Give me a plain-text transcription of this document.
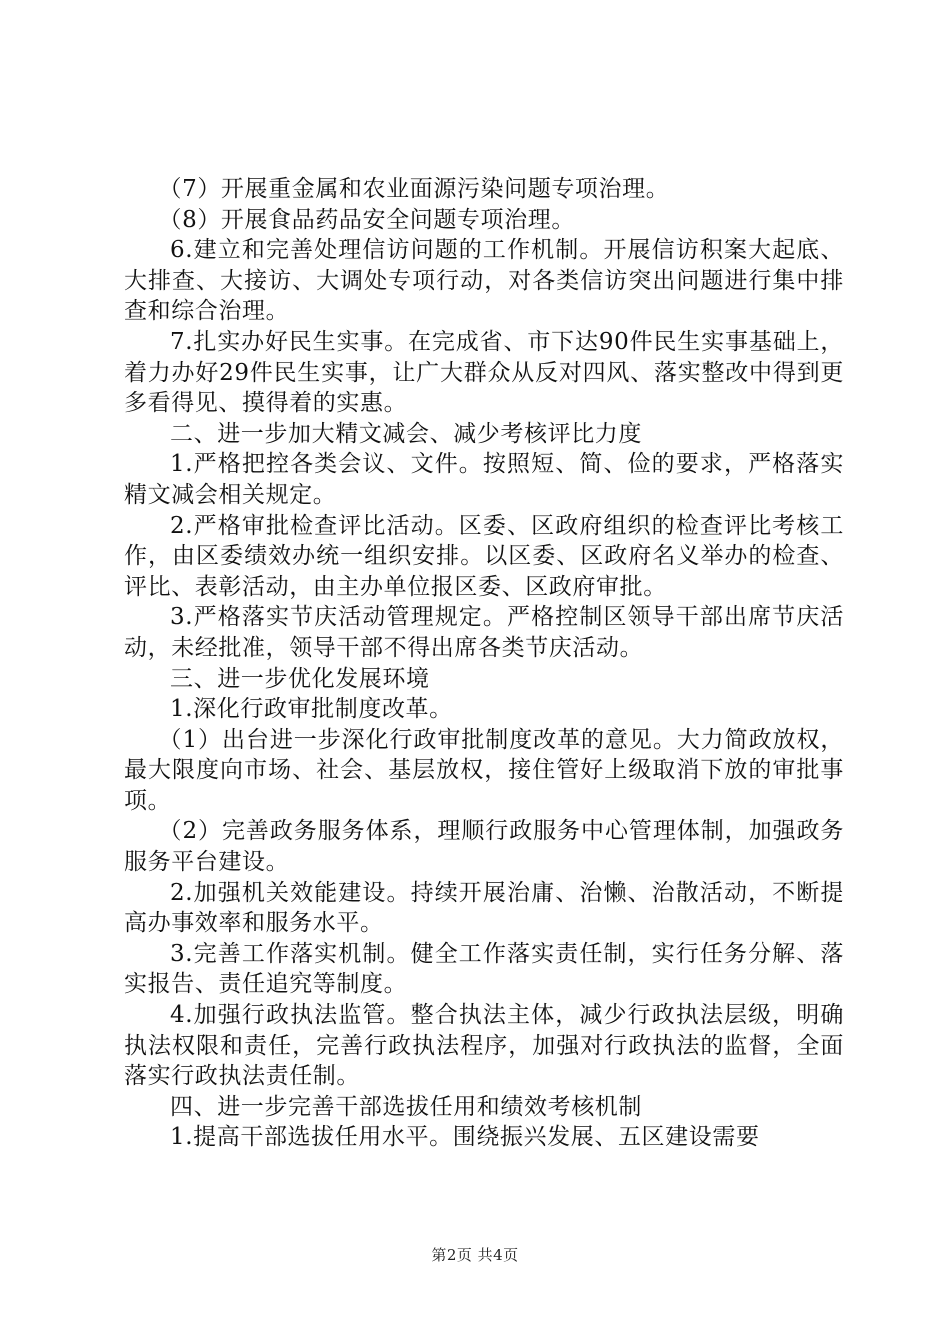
（7）开展重金属和农业面源污染问题专项治理。

（8）开展食品药品安全问题专项治理。

6.建立和完善处理信访问题的工作机制。开展信访积案大起底、大排查、大接访、大调处专项行动，对各类信访突出问题进行集中排查和综合治理。

7.扎实办好民生实事。在完成省、市下达90件民生实事基础上，着力办好29件民生实事，让广大群众从反对四风、落实整改中得到更多看得见、摸得着的实惠。

二、进一步加大精文减会、减少考核评比力度

1.严格把控各类会议、文件。按照短、简、俭的要求，严格落实精文减会相关规定。

2.严格审批检查评比活动。区委、区政府组织的检查评比考核工作，由区委绩效办统一组织安排。以区委、区政府名义举办的检查、评比、表彰活动，由主办单位报区委、区政府审批。

3.严格落实节庆活动管理规定。严格控制区领导干部出席节庆活动，未经批准，领导干部不得出席各类节庆活动。

三、进一步优化发展环境

1.深化行政审批制度改革。

（1）出台进一步深化行政审批制度改革的意见。大力简政放权，最大限度向市场、社会、基层放权，接住管好上级取消下放的审批事项。

（2）完善政务服务体系，理顺行政服务中心管理体制，加强政务服务平台建设。

2.加强机关效能建设。持续开展治庸、治懒、治散活动，不断提高办事效率和服务水平。

3.完善工作落实机制。健全工作落实责任制，实行任务分解、落实报告、责任追究等制度。

4.加强行政执法监管。整合执法主体，减少行政执法层级，明确执法权限和责任，完善行政执法程序，加强对行政执法的监督，全面落实行政执法责任制。

四、进一步完善干部选拔任用和绩效考核机制

1.提高干部选拔任用水平。围绕振兴发展、五区建设需要

第2页 共4页
